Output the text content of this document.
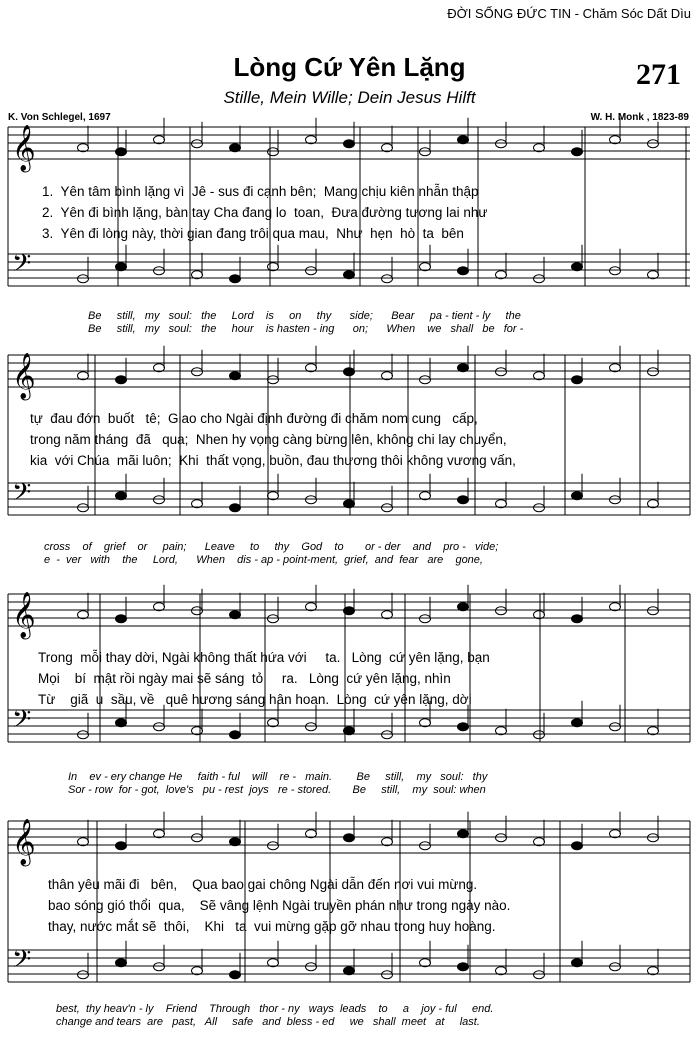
ĐỜI SỐNG ĐỨC TIN - Chăm Sóc Dất Dìu
Lòng Cứ Yên Lặng
Stille, Mein Wille; Dein Jesus Hilft
271
K. Von Schlegel, 1697	W. H. Monk , 1823-89
𝄞
𝄢
𝄞
𝄢
𝄞
𝄢
𝄞
𝄢
1.  Yên tâm bình lặng vì  Jê - sus đi cạnh bên;  Mang chịu kiên nhẫn thập
2.  Yên đi bình lặng, bàn tay Cha đang lo  toan,  Đưa đường tương lai như
3.  Yên đi lòng này, thời gian đang trôi qua mau,  Như  hẹn  hò  ta  bên
Be     still,   my   soul:   the     Lord    is     on     thy      side;      Bear     pa - tient - ly     the
Be     still,   my   soul:   the     hour    is hasten - ing      on;      When    we   shall   be   for -
tự  đau đớn  buốt   tê;  Giao cho Ngài định đường đi chăm nom cung   cấp,
trong năm tháng  đã   qua;  Nhen hy vọng càng bừng lên, không chi lay chuyển,
kia  với Chúa  mãi luôn;  Khi  thất vọng, buồn, đau thương thôi không vương vấn,
cross    of    grief    or     pain;      Leave     to     thy    God    to       or - der    and    pro -   vide;
e  -  ver   with    the     Lord,      When    dis - ap - point-ment,  grief,  and  fear   are    gone,
Trong  mỗi thay dời, Ngài không thất hứa với     ta.   Lòng  cứ yên lặng, bạn
Mọi    bí  mật rồi ngày mai sẽ sáng  tỏ     ra.   Lòng  cứ yên lặng, nhìn
Từ    giã  u  sầu, về   quê hương sáng hân hoan.  Lòng  cứ yên lặng, dời
In    ev - ery change He     faith - ful    will    re -   main.        Be     still,    my   soul:   thy
Sor - row  for - got,  love's   pu - rest  joys   re - stored.       Be     still,    my  soul: when
thân yêu mãi đi   bên,    Qua bao gai chông Ngài dẫn đến nơi vui mừng.
bao sóng gió thổi  qua,    Sẽ vâng lệnh Ngài truyền phán như trong ngày nào.
thay, nước mắt sẽ  thôi,    Khi   ta  vui mừng gặp gỡ nhau trong huy hoàng.
best,  thy heav'n - ly    Friend    Through   thor - ny   ways  leads    to     a    joy - ful     end.
change and tears  are   past,   All     safe   and  bless - ed     we   shall  meet   at     last.
